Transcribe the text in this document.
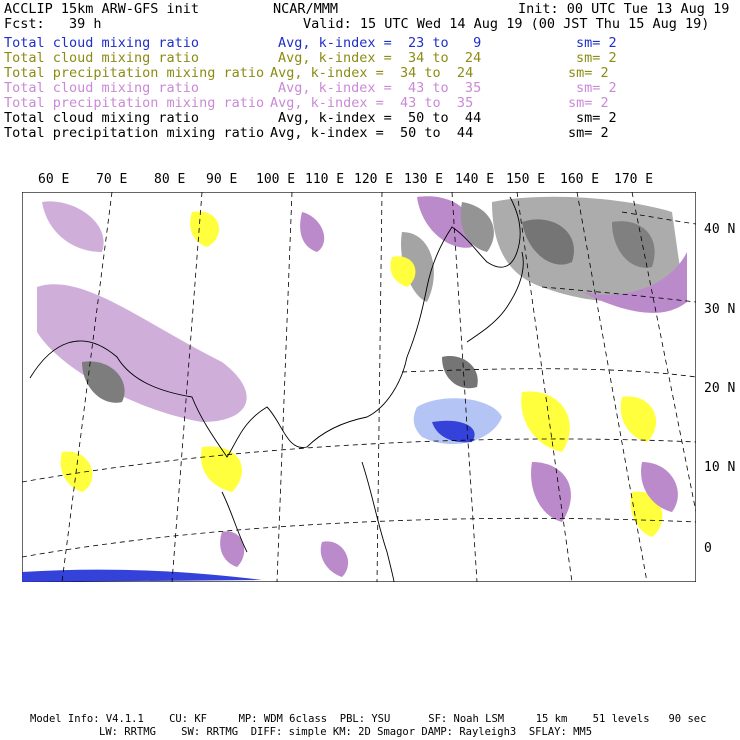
ACCLIP 15km ARW-GFS init	NCAR/MMM	Init: 00 UTC Tue 13 Aug 19
Fcst:   39 h	Valid: 15 UTC Wed 14 Aug 19 (00 JST Thu 15 Aug 19)
Total cloud mixing ratio	Avg, k-index =  23 to   9	sm= 2
Total cloud mixing ratio	Avg, k-index =  34 to  24	sm= 2
Total precipitation mixing ratio Avg, k-index =  34 to  24	sm= 2
Total cloud mixing ratio	Avg, k-index =  43 to  35	sm= 2
Total precipitation mixing ratio Avg, k-index =  43 to  35	sm= 2
Total cloud mixing ratio	Avg, k-index =  50 to  44	sm= 2
Total precipitation mixing ratio Avg, k-index =  50 to  44	sm= 2
60 E 70 E 80 E 90 E 100 E 110 E 120 E 130 E 140 E 150 E 160 E 170 E
40 N
30 N
20 N
10 N
0
Model Info: V4.1.1    CU: KF     MP: WDM 6class  PBL: YSU      SF: Noah LSM     15 km    51 levels   90 sec
LW: RRTMG    SW: RRTMG  DIFF: simple KM: 2D Smagor DAMP: Rayleigh3  SFLAY: MM5
